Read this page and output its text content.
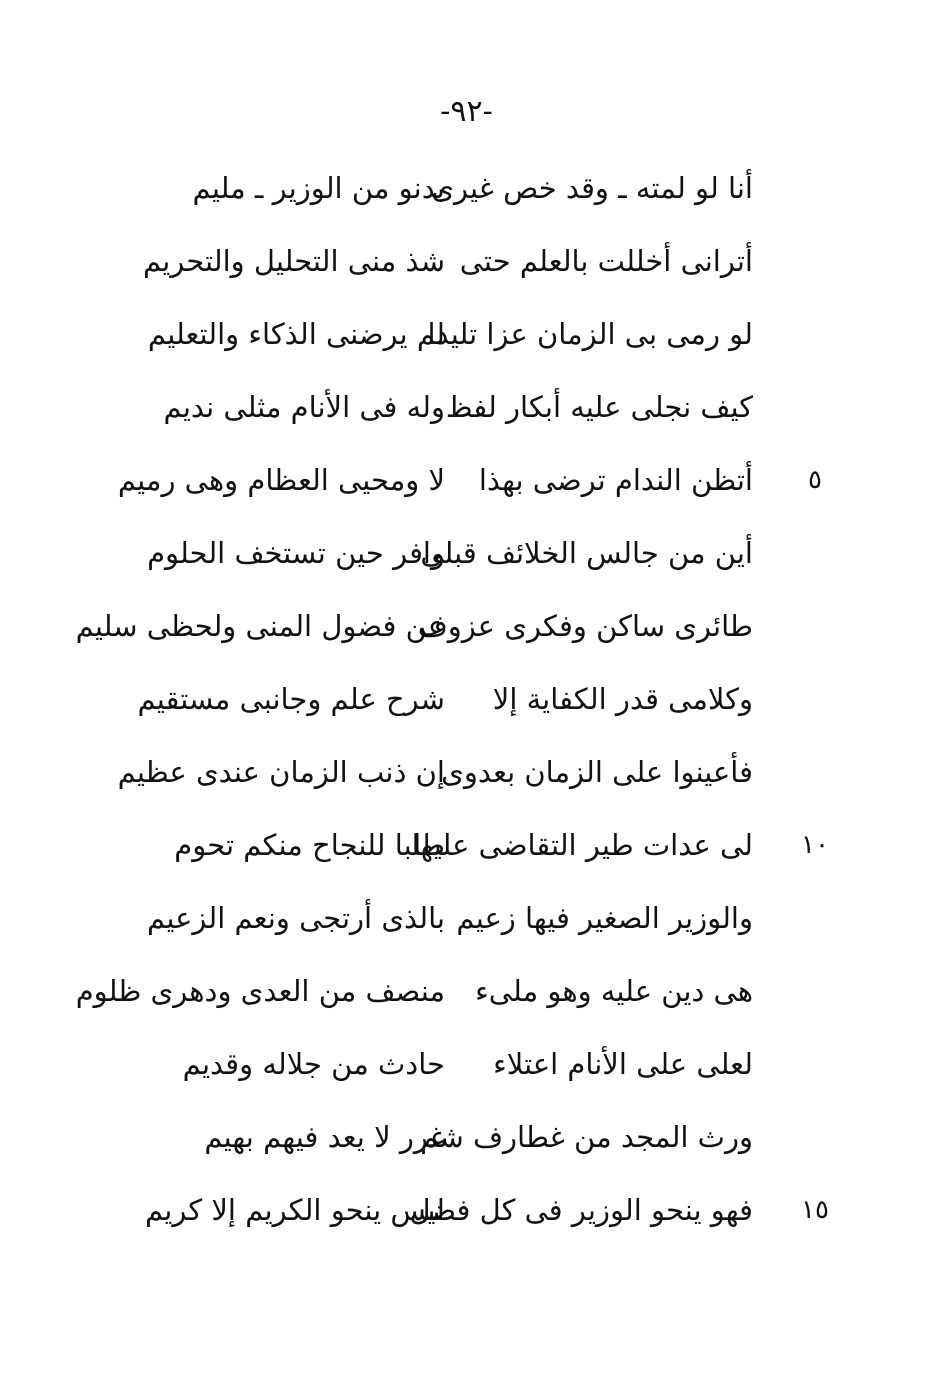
-٩٢-
أنا لو لمته ـ وقد خص غيرى
بدنو من الوزير ـ مليم
أترانى أخللت بالعلم حتى
شذ منى التحليل والتحريم
لو رمى بى الزمان عزا تليدا
لم يرضنى الذكاء والتعليم
كيف نجلى عليه أبكار لفظ
وله فى الأنام مثلى نديم
٥
أتظن الندام ترضى بهذا
لا ومحيى العظام وهى رميم
أين من جالس الخلائف قبلى
وافر حين تستخف الحلوم
طائرى ساكن وفكرى عزوف
عن فضول المنى ولحظى سليم
وكلامى قدر الكفاية إلا
شرح علم وجانبى مستقيم
فأعينوا على الزمان بعدوى
إن ذنب الزمان عندى عظيم
١٠
لى عدات طير التقاضى عليها
طلبا للنجاح منكم تحوم
والوزير الصغير فيها زعيم
بالذى أرتجى ونعم الزعيم
هى دين عليه وهو ملىء
منصف من العدى ودهرى ظلوم
لعلى على الأنام اعتلاء
حادث من جلاله وقديم
ورث المجد من غطارف شم
غرر لا يعد فيهم بهيم
١٥
فهو ينحو الوزير فى كل فضل
ليس ينحو الكريم إلا كريم
